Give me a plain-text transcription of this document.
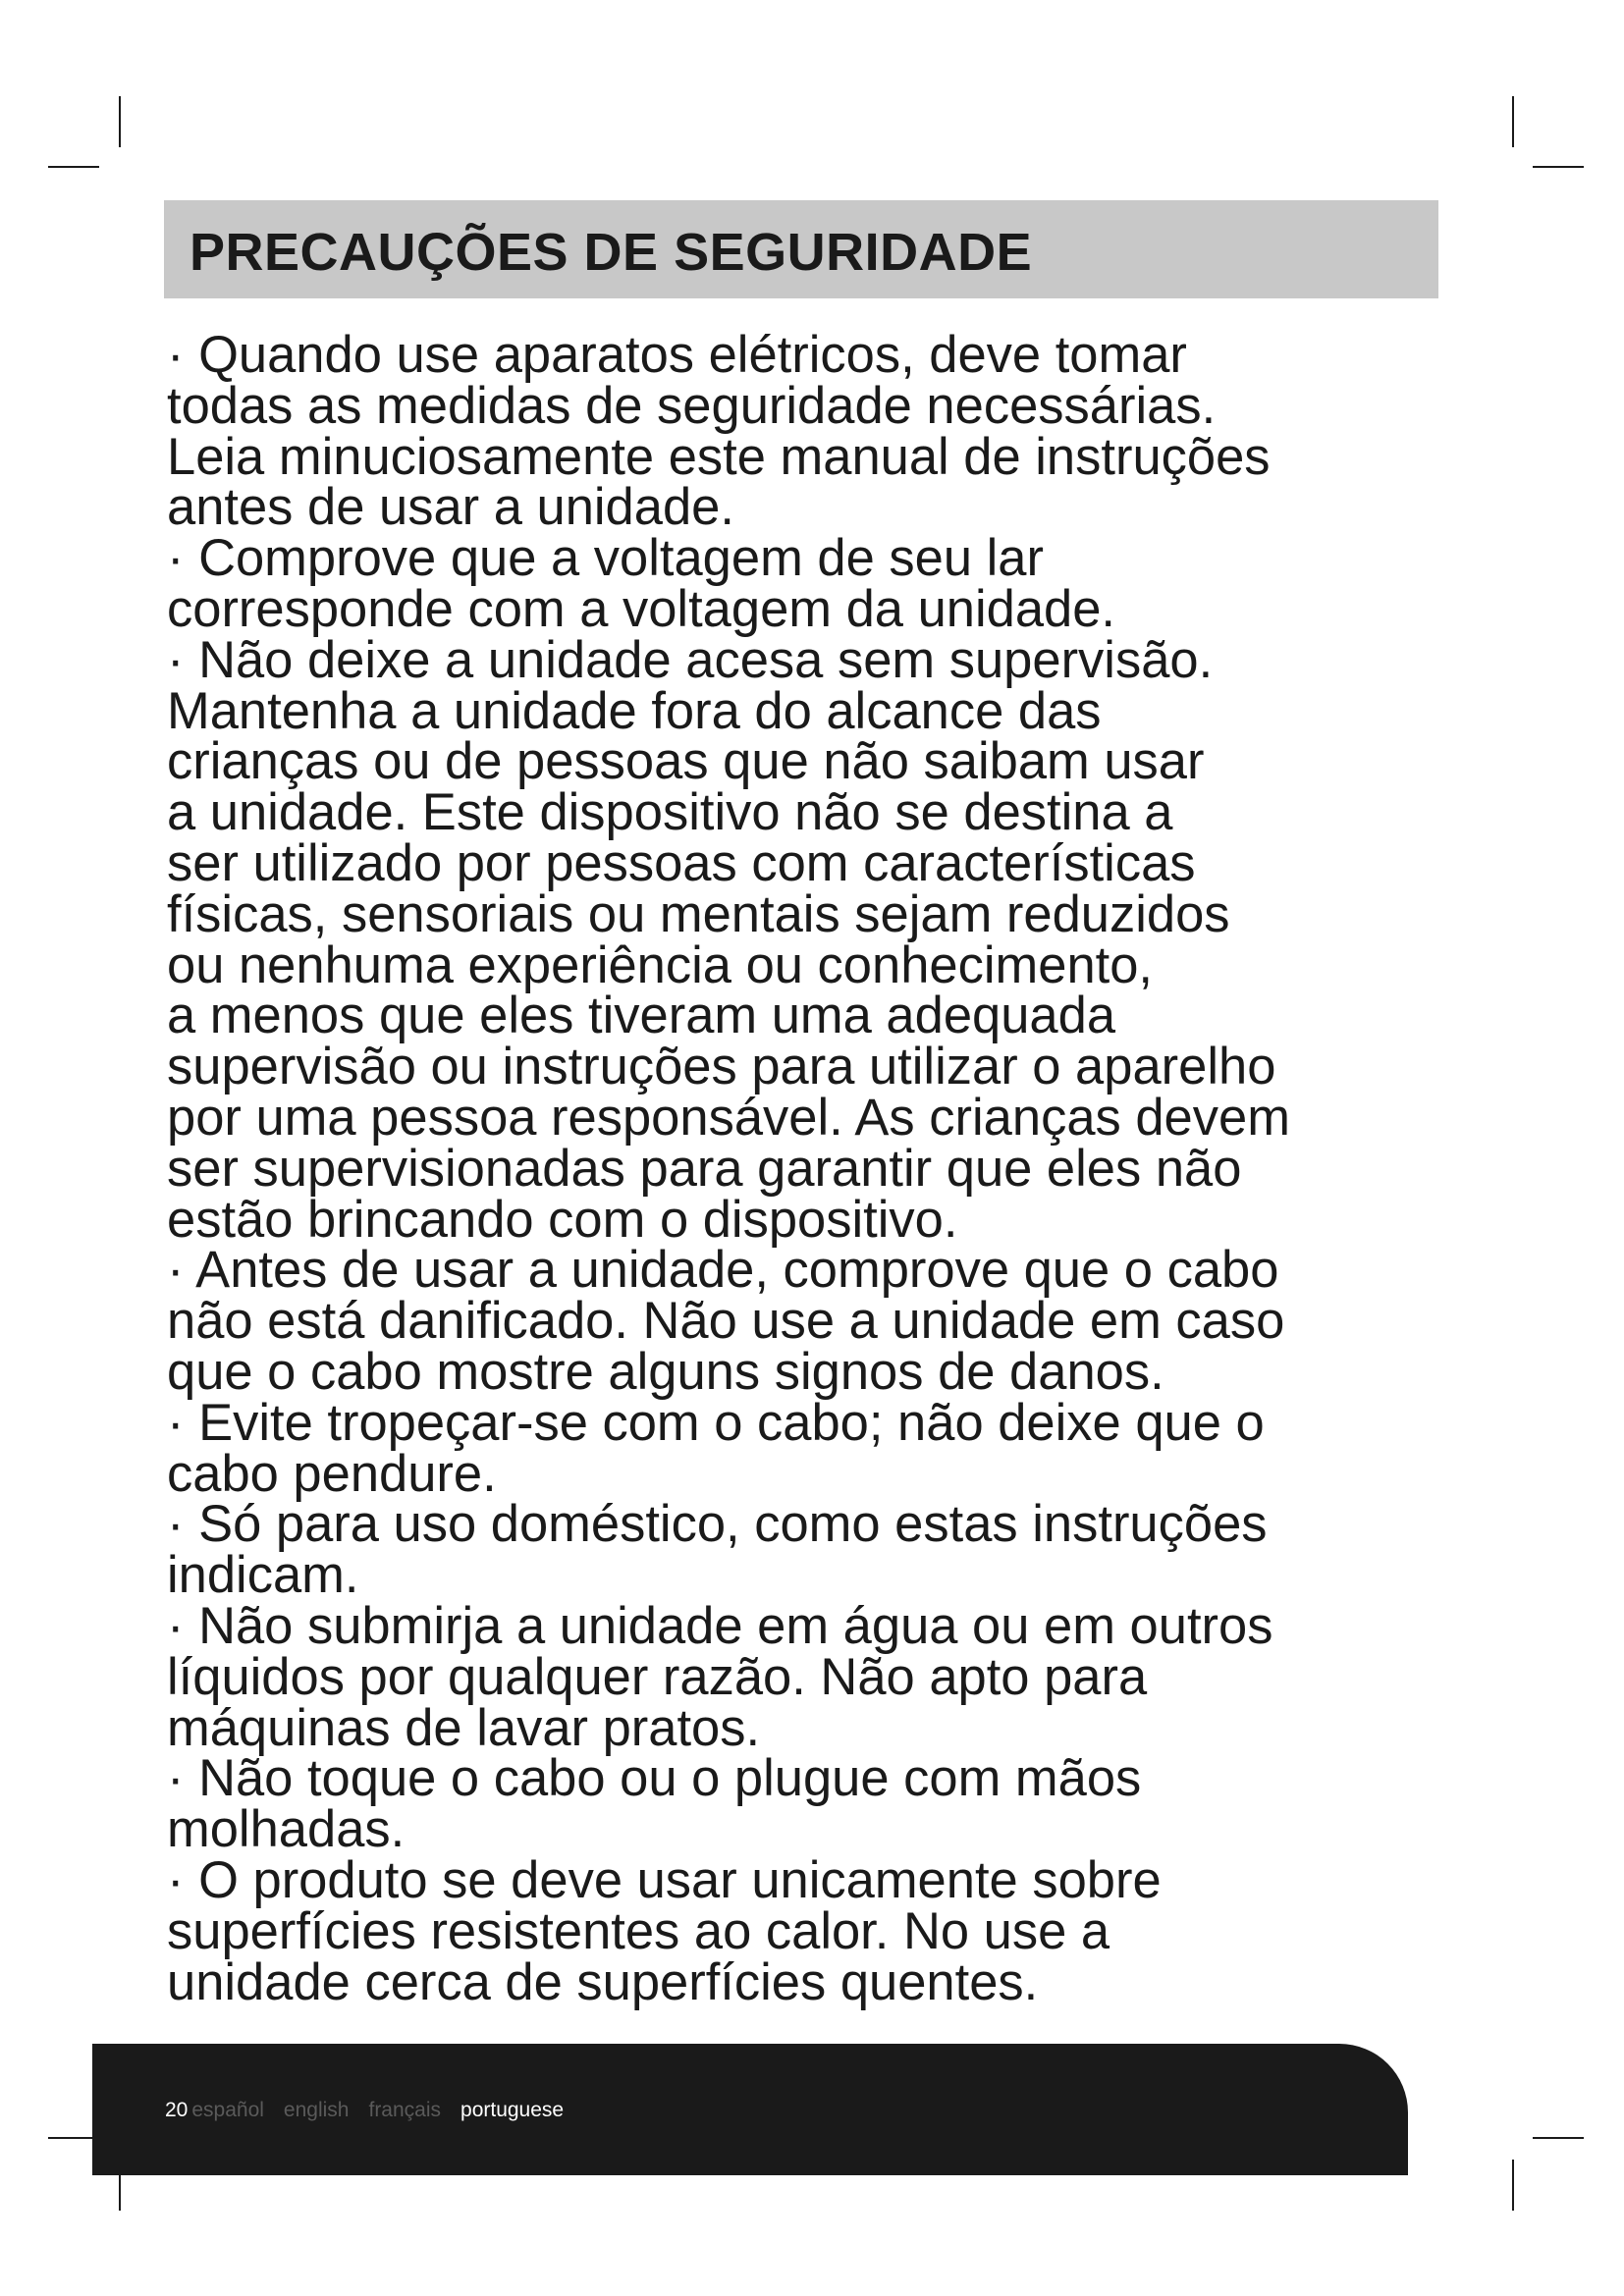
PRECAUÇÕES DE SEGURIDADE
· Quando use aparatos elétricos, deve tomar
todas as medidas de seguridade necessárias.
Leia minuciosamente este manual de instruções
antes de usar a unidade.
· Comprove que a voltagem de seu lar
corresponde com a voltagem da unidade.
· Não deixe a unidade acesa sem supervisão.
Mantenha a unidade fora do alcance das
crianças ou de pessoas que não saibam usar
a unidade. Este dispositivo não se destina a
ser utilizado por pessoas com características
físicas, sensoriais ou mentais sejam reduzidos
ou nenhuma experiência ou conhecimento,
a menos que eles tiveram uma adequada
supervisão ou instruções para utilizar o aparelho
por uma pessoa responsável. As crianças devem
ser supervisionadas para garantir que eles não
estão brincando com o dispositivo.
· Antes de usar a unidade, comprove que o cabo
não está danificado. Não use a unidade em caso
que o cabo mostre alguns signos de danos.
· Evite tropeçar-se com o cabo; não deixe que o
cabo pendure.
· Só para uso doméstico, como estas instruções
indicam.
· Não submirja a unidade em água ou em outros
líquidos por qualquer razão. Não apto para
máquinas de lavar pratos.
· Não toque o cabo ou o plugue com mãos
molhadas.
· O produto se deve usar unicamente sobre
superfícies resistentes ao calor. No use a
unidade cerca de superfícies quentes.
20 español english français portuguese
